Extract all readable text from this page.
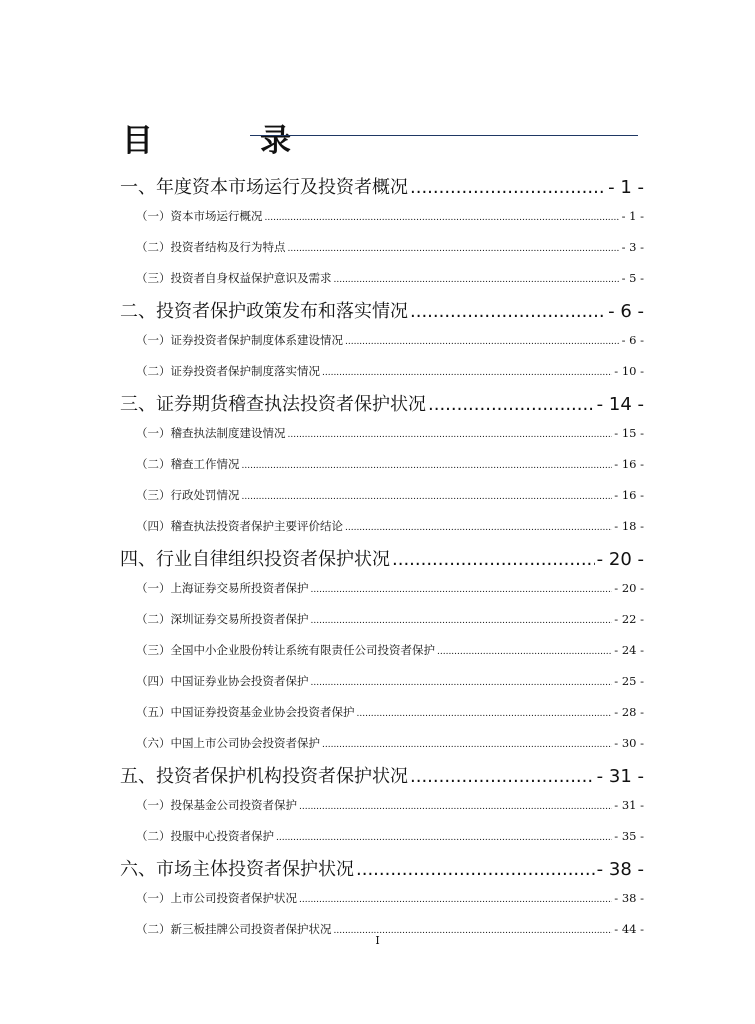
目　录
一、年度资本市场运行及投资者概况 .....	- 1 -
（一）资本市场运行概况 .....	- 1 -
（二）投资者结构及行为特点 .....	- 3 -
（三）投资者自身权益保护意识及需求 .....	- 5 -
二、投资者保护政策发布和落实情况 .....	- 6 -
（一）证券投资者保护制度体系建设情况 .....	- 6 -
（二）证券投资者保护制度落实情况 .....	- 10 -
三、证券期货稽查执法投资者保护状况 .....	- 14 -
（一）稽查执法制度建设情况 .....	- 15 -
（二）稽查工作情况 .....	- 16 -
（三）行政处罚情况 .....	- 16 -
（四）稽查执法投资者保护主要评价结论 .....	- 18 -
四、行业自律组织投资者保护状况 .....	- 20 -
（一）上海证券交易所投资者保护 .....	- 20 -
（二）深圳证券交易所投资者保护 .....	- 22 -
（三）全国中小企业股份转让系统有限责任公司投资者保护 .....	- 24 -
（四）中国证券业协会投资者保护 .....	- 25 -
（五）中国证券投资基金业协会投资者保护 .....	- 28 -
（六）中国上市公司协会投资者保护 .....	- 30 -
五、投资者保护机构投资者保护状况 .....	- 31 -
（一）投保基金公司投资者保护 .....	- 31 -
（二）投服中心投资者保护 .....	- 35 -
六、市场主体投资者保护状况 .....	- 38 -
（一）上市公司投资者保护状况 .....	- 38 -
（二）新三板挂牌公司投资者保护状况 .....	- 44 -
I
